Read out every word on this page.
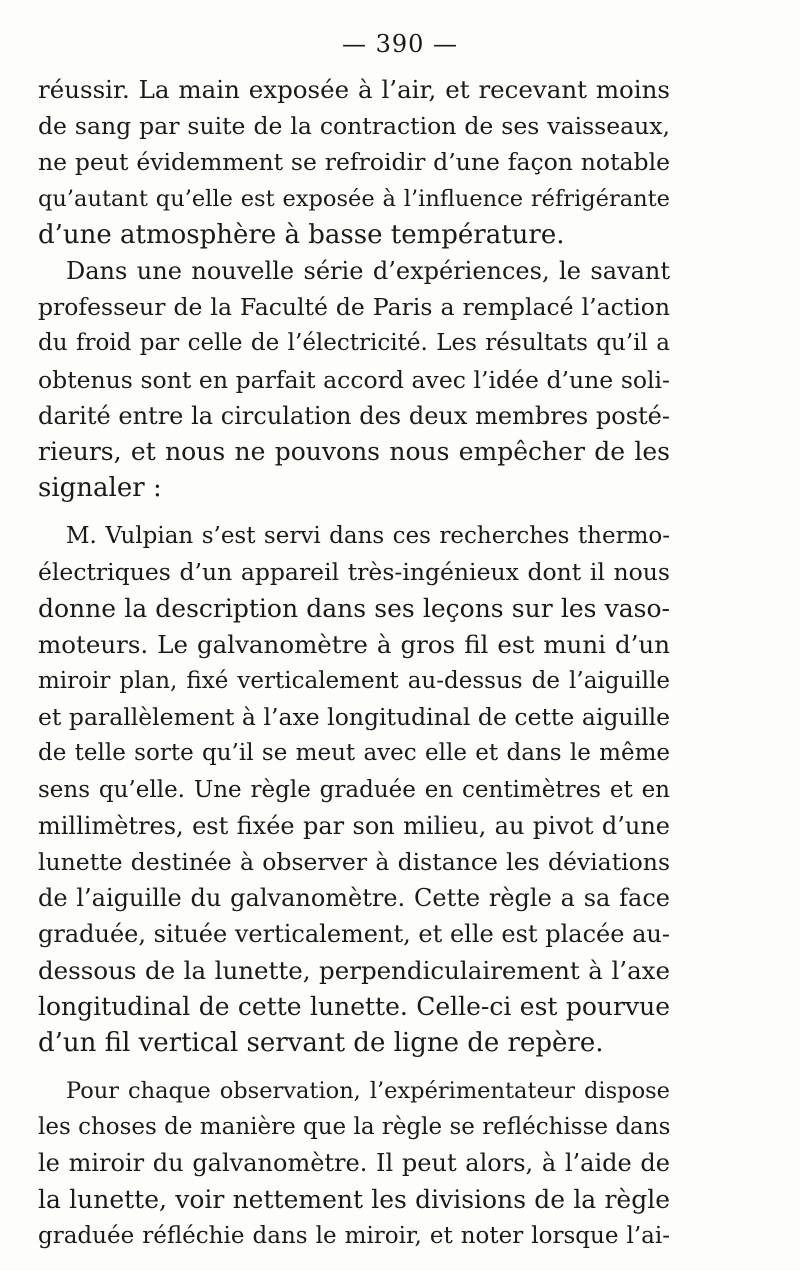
— 390 —
réussir. La main exposée à l’air, et recevant moins
de sang par suite de la contraction de ses vaisseaux,
ne peut évidemment se refroidir d’une façon notable
qu’autant qu’elle est exposée à l’influence réfrigérante
d’une atmosphère à basse température.
Dans une nouvelle série d’expériences, le savant
professeur de la Faculté de Paris a remplacé l’action
du froid par celle de l’électricité. Les résultats qu’il a
obtenus sont en parfait accord avec l’idée d’une soli-
darité entre la circulation des deux membres posté-
rieurs, et nous ne pouvons nous empêcher de les
signaler :
M. Vulpian s’est servi dans ces recherches thermo-
électriques d’un appareil très-ingénieux dont il nous
donne la description dans ses leçons sur les vaso-
moteurs. Le galvanomètre à gros fil est muni d’un
miroir plan, fixé verticalement au-dessus de l’aiguille
et parallèlement à l’axe longitudinal de cette aiguille
de telle sorte qu’il se meut avec elle et dans le même
sens qu’elle. Une règle graduée en centimètres et en
millimètres, est fixée par son milieu, au pivot d’une
lunette destinée à observer à distance les déviations
de l’aiguille du galvanomètre. Cette règle a sa face
graduée, située verticalement, et elle est placée au-
dessous de la lunette, perpendiculairement à l’axe
longitudinal de cette lunette. Celle-ci est pourvue
d’un fil vertical servant de ligne de repère.
Pour chaque observation, l’expérimentateur dispose
les choses de manière que la règle se refléchisse dans
le miroir du galvanomètre. Il peut alors, à l’aide de
la lunette, voir nettement les divisions de la règle
graduée réfléchie dans le miroir, et noter lorsque l’ai-
